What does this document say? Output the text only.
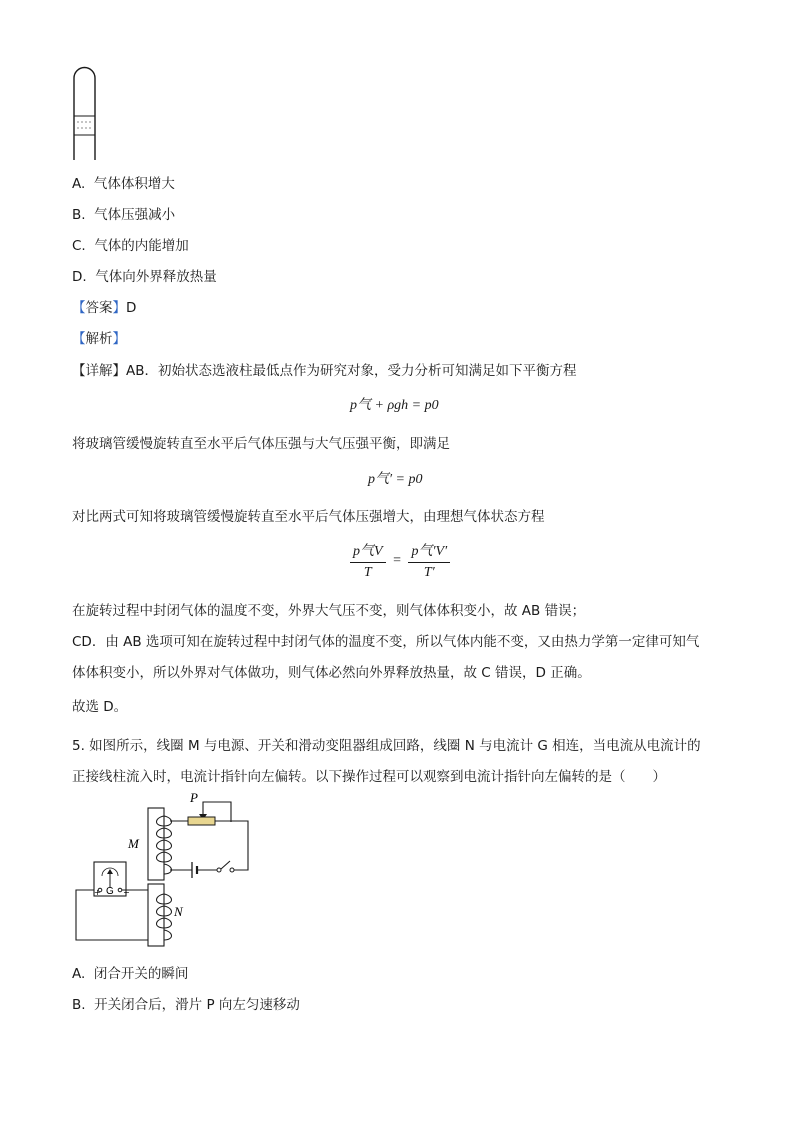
A. 气体体积增大
B. 气体压强减小
C. 气体的内能增加
D. 气体向外界释放热量
【答案】D
【解析】
【详解】AB．初始状态选液柱最低点作为研究对象，受力分析可知满足如下平衡方程
p气 + ρgh = p0
将玻璃管缓慢旋转直至水平后气体压强与大气压强平衡，即满足
p气′ = p0
对比两式可知将玻璃管缓慢旋转直至水平后气体压强增大，由理想气体状态方程
$\frac{\text{p气V}}{T} = \frac{\text{p气′V′}}{T'}$
在旋转过程中封闭气体的温度不变，外界大气压不变，则气体体积变小，故 AB 错误；
CD．由 AB 选项可知在旋转过程中封闭气体的温度不变，所以气体内能不变，又由热力学第一定律可知气
体体积变小，所以外界对气体做功，则气体必然向外界释放热量，故 C 错误，D 正确。
故选 D。
5. 如图所示，线圈 M 与电源、开关和滑动变阻器组成回路，线圈 N 与电流计 G 相连，当电流从电流计的
正接线柱流入时，电流计指针向左偏转。以下操作过程可以观察到电流计指针向左偏转的是（　　）
P
M
G
+	−
N
A. 闭合开关的瞬间
B. 开关闭合后，滑片 P 向左匀速移动
